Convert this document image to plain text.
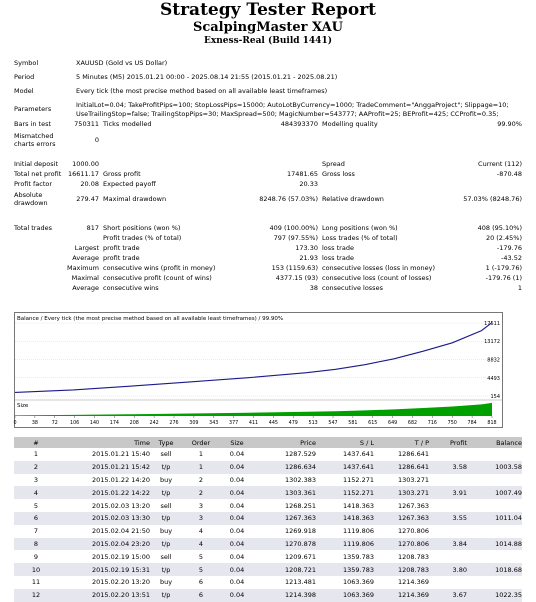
Strategy Tester Report
ScalpingMaster XAU
Exness-Real (Build 1441)
Symbol	XAUUSD (Gold vs US Dollar)
Period	5 Minutes (M5) 2015.01.21 00:00 - 2025.08.14 21:55 (2015.01.21 - 2025.08.21)
Model	Every tick (the most precise method based on all available least timeframes)
Parameters	InitialLot=0.04; TakeProfitPips=100; StopLossPips=15000; AutoLotByCurrency=1000; TradeComment="AnggaProject"; Slippage=10;
UseTrailingStop=false; TrailingStopPips=30; MaxSpread=500; MagicNumber=543777; AAProfit=25; BEProfit=425; CCProfit=0.35;
Bars in test	750311	Ticks modelled	484393370	Modelling quality	99.90%
Mismatched
charts errors	0				
Initial deposit	1000.00			Spread	Current (112)
Total net profit	16611.17	Gross profit	17481.65	Gross loss	-870.48
Profit factor	20.08	Expected payoff	20.33		
Absolute
drawdown	279.47	Maximal drawdown	8248.76 (57.03%)	Relative drawdown	57.03% (8248.76)
Total trades	817	Short positions (won %)	409 (100.00%)	Long positions (won %)	408 (95.10%)
		Profit trades (% of total)	797 (97.55%)	Loss trades (% of total)	20 (2.45%)
	Largest	profit trade	173.30	loss trade	-179.76
	Average	profit trade	21.93	loss trade	-43.52
	Maximum	consecutive wins (profit in money)	153 (1159.63)	consecutive losses (loss in money)	1 (-179.76)
	Maximal	consecutive profit (count of wins)	4377.15 (93)	consecutive loss (count of losses)	-179.76 (1)
	Average	consecutive wins	38	consecutive losses	1
Balance / Every tick (the most precise method based on all available least timeframes) / 99.90%
17511
13172
8832
4493
154
Size
0	38	72	106 140 174 208 242 276 309 343 377 411 445 479 513 547 581 615 649 682 716 750 784 818
#	Time	Type	Order	Size	Price	S / L	T / P	Profit	Balance
1	2015.01.21 15:40	sell	1	0.04	1287.529	1437.641	1286.641		
2	2015.01.21 15:42	t/p	1	0.04	1286.634	1437.641	1286.641	3.58	1003.58
3	2015.01.22 14:20	buy	2	0.04	1302.383	1152.271	1303.271		
4	2015.01.22 14:22	t/p	2	0.04	1303.361	1152.271	1303.271	3.91	1007.49
5	2015.02.03 13:20	sell	3	0.04	1268.251	1418.363	1267.363		
6	2015.02.03 13:30	t/p	3	0.04	1267.363	1418.363	1267.363	3.55	1011.04
7	2015.02.04 21:50	buy	4	0.04	1269.918	1119.806	1270.806		
8	2015.02.04 23:20	t/p	4	0.04	1270.878	1119.806	1270.806	3.84	1014.88
9	2015.02.19 15:00	sell	5	0.04	1209.671	1359.783	1208.783		
10	2015.02.19 15:31	t/p	5	0.04	1208.721	1359.783	1208.783	3.80	1018.68
11	2015.02.20 13:20	buy	6	0.04	1213.481	1063.369	1214.369		
12	2015.02.20 13:51	t/p	6	0.04	1214.398	1063.369	1214.369	3.67	1022.35
